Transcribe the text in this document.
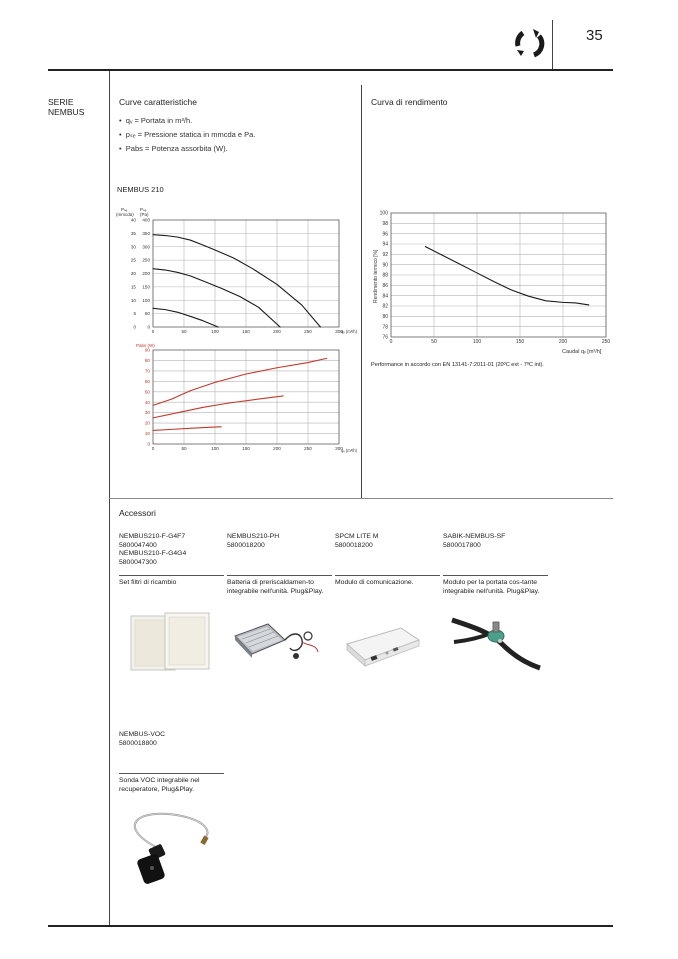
35
SERIE
NEMBUS
Curve caratteristiche
•  qᵥ = Portata in m³/h.
•  pₛₑ = Pressione statica in mmcda e Pa.
•  Pabs = Potenza assorbita (W).
NEMBUS 210
Pₛₑ
(mmcda)
Pₛₑ
(Pa)
qᵥ (m³/h)
0	50	100	150	200	250	300
0
5
10
15
20
25
30
35
40
0
50
100
150
200
250
300
350
400
Pabs (W)
qᵥ (m³/h)
0	50	100	150	200	250	300
0
10
20
30
40
50
60
70
80
90
Curva di rendimento
Rendimento termico [%]
Caudal qᵥ [m³/h]
0	50	100	150	200	250
76
78
80
82
84
86
88
90
92
94
96
98
100
Performance in accordo con EN 13141-7:2011-01 (20ºC ext - 7ºC int).
Accessori
NEMBUS210-F-G4F7
5800047400
NEMBUS210-F-G4G4
5800047300
Set filtri di ricambio
NEMBUS210-PH
5800018200
Batteria di preriscaldamen-to integrabile nell'unità. Plug&Play.
SPCM LITE M
5800018200
Modulo di comunicazione.
SABIK-NEMBUS-SF
5800017800
Modulo per la portata cos-tante integrabile nell'unità. Plug&Play.
NEMBUS-VOC
5800018800
Sonda VOC integrabile nel recuperatore, Plug&Play.
